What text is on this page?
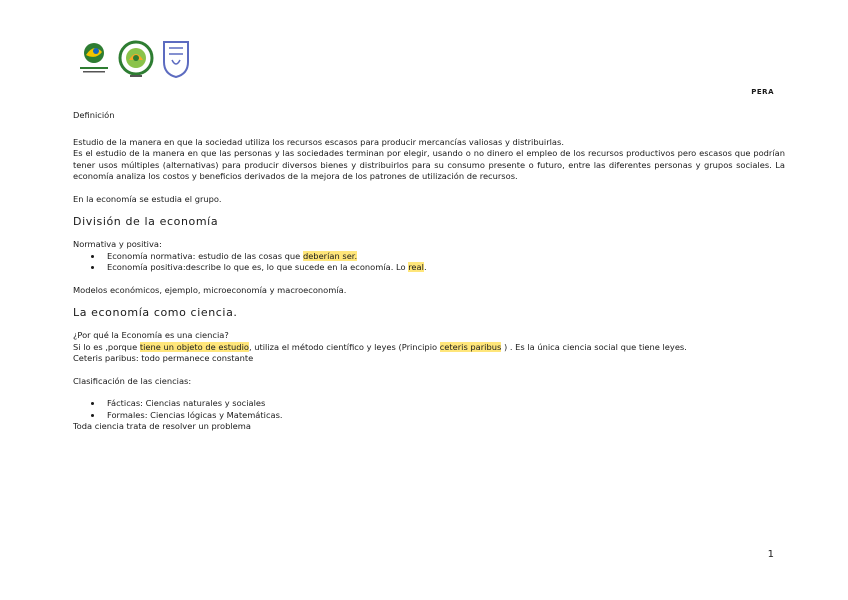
PERA

Definición

Estudio de la manera en que la sociedad utiliza los recursos escasos para producir mercancías valiosas y distribuirlas.

Es el estudio de la manera en que las personas y las sociedades terminan por elegir, usando o no dinero el empleo de los recursos productivos pero escasos que podrían tener usos múltiples (alternativas) para producir diversos bienes y distribuirlos para su consumo presente o futuro, entre las diferentes personas y grupos sociales. La economía analiza los costos y beneficios derivados de la mejora de los patrones de utilización de recursos.

En la economía se estudia el grupo.

División de la economía

Normativa y positiva:

• Economía normativa: estudio de las cosas que deberían ser.
• Economía positiva:describe lo que es, lo que sucede en la economía. Lo real.

Modelos económicos, ejemplo, microeconomía y macroeconomía.

La economía como ciencia.

¿Por qué la Economía es una ciencia?

Si lo es ,porque tiene un objeto de estudio, utiliza el método científico y leyes (Principio ceteris paribus ) . Es la única ciencia social que tiene leyes.

Ceteris paribus: todo permanece constante

Clasificación de las ciencias:

• Fácticas: Ciencias naturales y sociales
• Formales: Ciencias lógicas y Matemáticas.

Toda ciencia trata de resolver un problema

1
